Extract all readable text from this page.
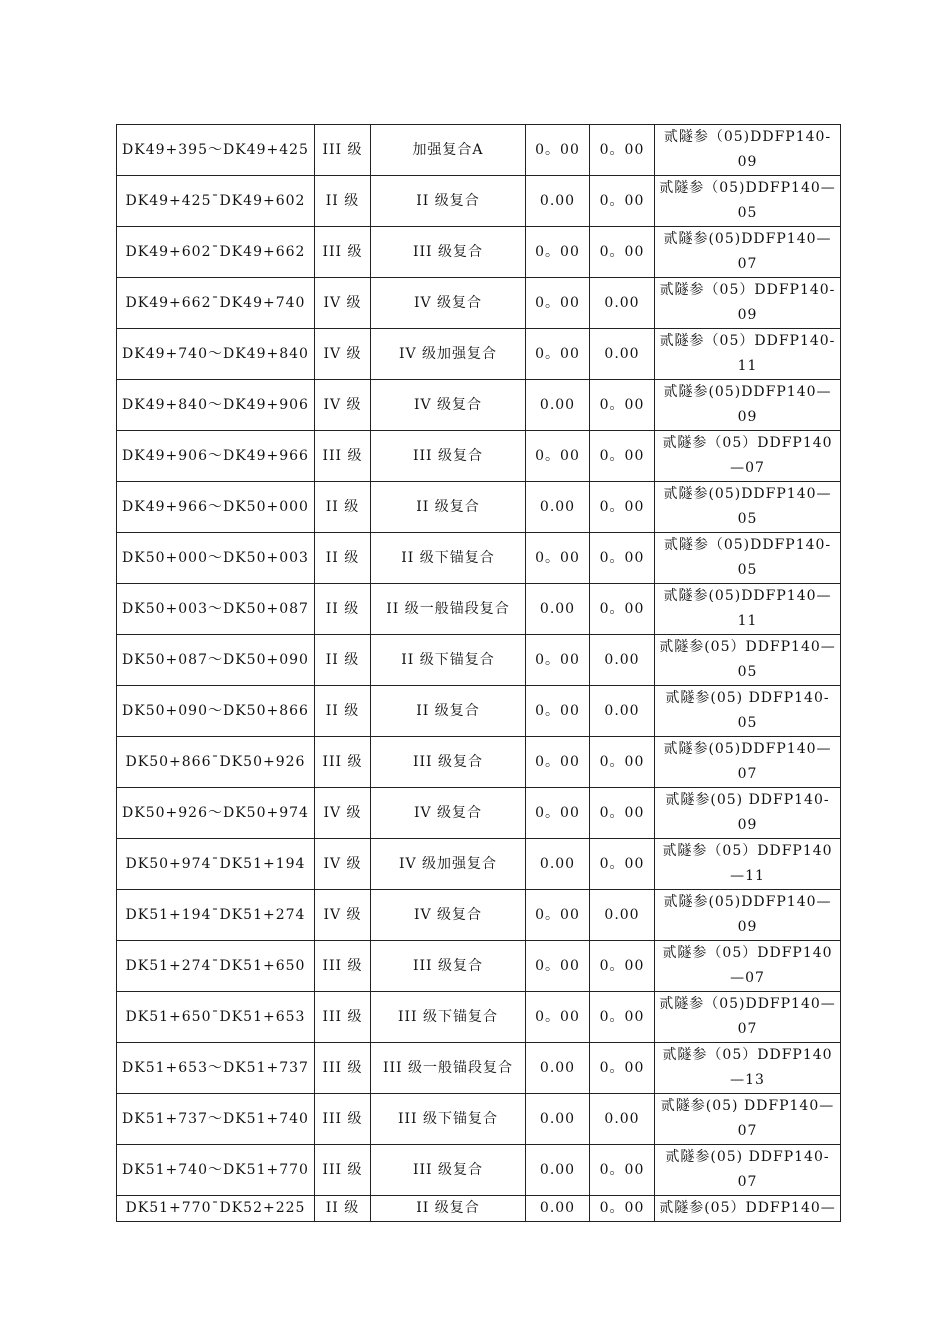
DK49+395～DK49+425	III 级	加强复合A	0。00	0。00	贰隧参（05)DDFP140-
09

DK49+425¯DK49+602	II 级	II 级复合	0.00	0。00	贰隧参（05)DDFP140—
05

DK49+602¯DK49+662	III 级	III 级复合	0。00	0。00	贰隧参(05)DDFP140—
07

DK49+662¯DK49+740	IV 级	IV 级复合	0。00	0.00	贰隧参（05）DDFP140-
09

DK49+740～DK49+840	IV 级	IV 级加强复合	0。00	0.00	贰隧参（05）DDFP140-
11

DK49+840～DK49+906	IV 级	IV 级复合	0.00	0。00	贰隧参(05)DDFP140—
09

DK49+906～DK49+966	III 级	III 级复合	0。00	0。00	贰隧参（05）DDFP140
—07

DK49+966～DK50+000	II 级	II 级复合	0.00	0。00	贰隧参(05)DDFP140—
05

DK50+000～DK50+003	II 级	II 级下锚复合	0。00	0。00	贰隧参（05)DDFP140-
05

DK50+003～DK50+087	II 级	II 级一般锚段复合	0.00	0。00	贰隧参(05)DDFP140—
11

DK50+087～DK50+090	II 级	II 级下锚复合	0。00	0.00	贰隧参(05）DDFP140—
05

DK50+090～DK50+866	II 级	II 级复合	0。00	0.00	贰隧参(05) DDFP140-
05

DK50+866¯DK50+926	III 级	III 级复合	0。00	0。00	贰隧参(05)DDFP140—
07

DK50+926～DK50+974	IV 级	IV 级复合	0。00	0。00	贰隧参(05) DDFP140-
09

DK50+974¯DK51+194	IV 级	IV 级加强复合	0.00	0。00	贰隧参（05）DDFP140
—11

DK51+194¯DK51+274	IV 级	IV 级复合	0。00	0.00	贰隧参(05)DDFP140—
09

DK51+274¯DK51+650	III 级	III 级复合	0。00	0。00	贰隧参（05）DDFP140
—07

DK51+650¯DK51+653	III 级	III 级下锚复合	0。00	0。00	贰隧参（05)DDFP140—
07

DK51+653～DK51+737	III 级	III 级一般锚段复合	0.00	0。00	贰隧参（05）DDFP140
—13

DK51+737～DK51+740	III 级	III 级下锚复合	0.00	0.00	贰隧参(05) DDFP140—
07

DK51+740～DK51+770	III 级	III 级复合	0.00	0。00	贰隧参(05) DDFP140-
07

DK51+770¯DK52+225	II 级	II 级复合	0.00	0。00	贰隧参(05）DDFP140—
